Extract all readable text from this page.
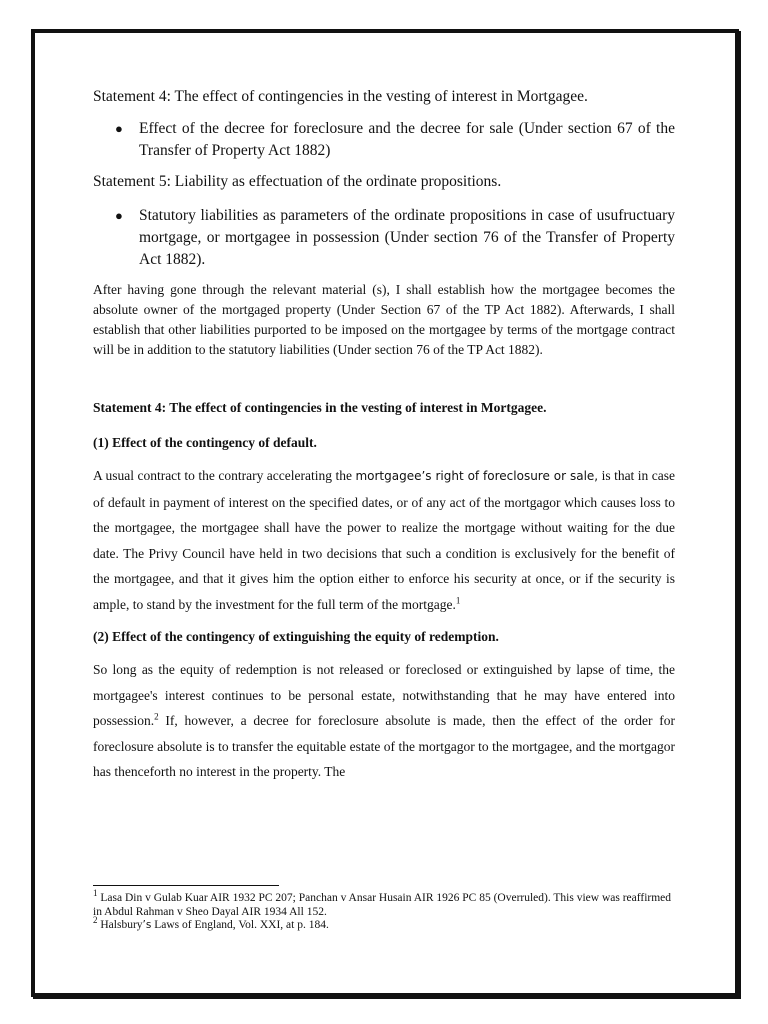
Statement 4: The effect of contingencies in the vesting of interest in Mortgagee.

●	Effect of the decree for foreclosure and the decree for sale (Under section 67 of the Transfer of Property Act 1882)

Statement 5: Liability as effectuation of the ordinate propositions.

●	Statutory liabilities as parameters of the ordinate propositions in case of usufructuary mortgage, or mortgagee in possession (Under section 76 of the Transfer of Property Act 1882).

After having gone through the relevant material (s), I shall establish how the mortgagee becomes the absolute owner of the mortgaged property (Under Section 67 of the TP Act 1882). Afterwards, I shall establish that other liabilities purported to be imposed on the mortgagee by terms of the mortgage contract will be in addition to the statutory liabilities (Under section 76 of the TP Act 1882).

Statement 4: The effect of contingencies in the vesting of interest in Mortgagee.

(1) Effect of the contingency of default.

A usual contract to the contrary accelerating the mortgagee’s right of foreclosure or sale, is that in case of default in payment of interest on the specified dates, or of any act of the mortgagor which causes loss to the mortgagee, the mortgagee shall have the power to realize the mortgage without waiting for the due date. The Privy Council have held in two decisions that such a condition is exclusively for the benefit of the mortgagee, and that it gives him the option either to enforce his security at once, or if the security is ample, to stand by the investment for the full term of the mortgage.$^1$

(2) Effect of the contingency of extinguishing the equity of redemption.

So long as the equity of redemption is not released or foreclosed or extinguished by lapse of time, the mortgagee's interest continues to be personal estate, notwithstanding that he may have entered into possession.$^2$ If, however, a decree for foreclosure absolute is made, then the effect of the order for foreclosure absolute is to transfer the equitable estate of the mortgagor to the mortgagee, and the mortgagor has thenceforth no interest in the property. The

$^1$ Lasa Din v Gulab Kuar AIR 1932 PC 207; Panchan v Ansar Husain AIR 1926 PC 85 (Overruled). This view was reaffirmed in Abdul Rahman v Sheo Dayal AIR 1934 All 152.

$^2$ Halsbury’s Laws of England, Vol. XXI, at p. 184.
